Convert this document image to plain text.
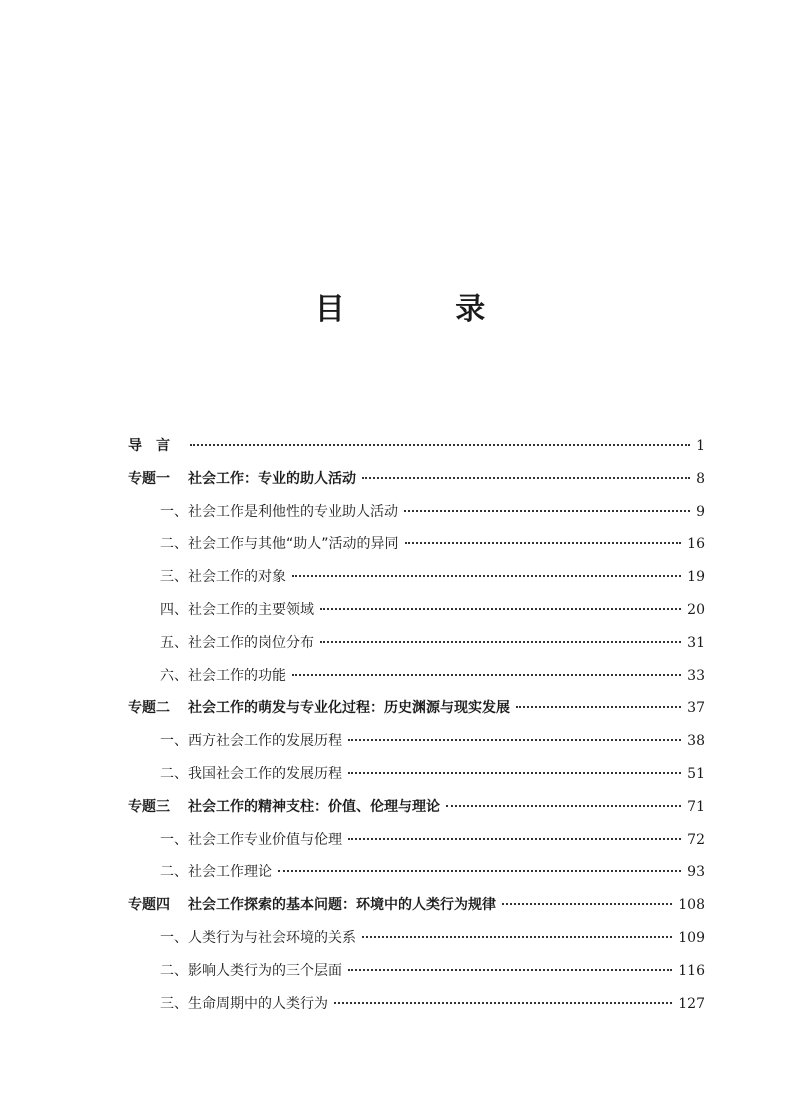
目 录
导言	1
专题一 社会工作：专业的助人活动	8
一、社会工作是利他性的专业助人活动	9
二、社会工作与其他“助人”活动的异同	16
三、社会工作的对象	19
四、社会工作的主要领域	20
五、社会工作的岗位分布	31
六、社会工作的功能	33
专题二 社会工作的萌发与专业化过程：历史渊源与现实发展	37
一、西方社会工作的发展历程	38
二、我国社会工作的发展历程	51
专题三 社会工作的精神支柱：价值、伦理与理论	71
一、社会工作专业价值与伦理	72
二、社会工作理论	93
专题四 社会工作探索的基本问题：环境中的人类行为规律	108
一、人类行为与社会环境的关系	109
二、影响人类行为的三个层面	116
三、生命周期中的人类行为	127
